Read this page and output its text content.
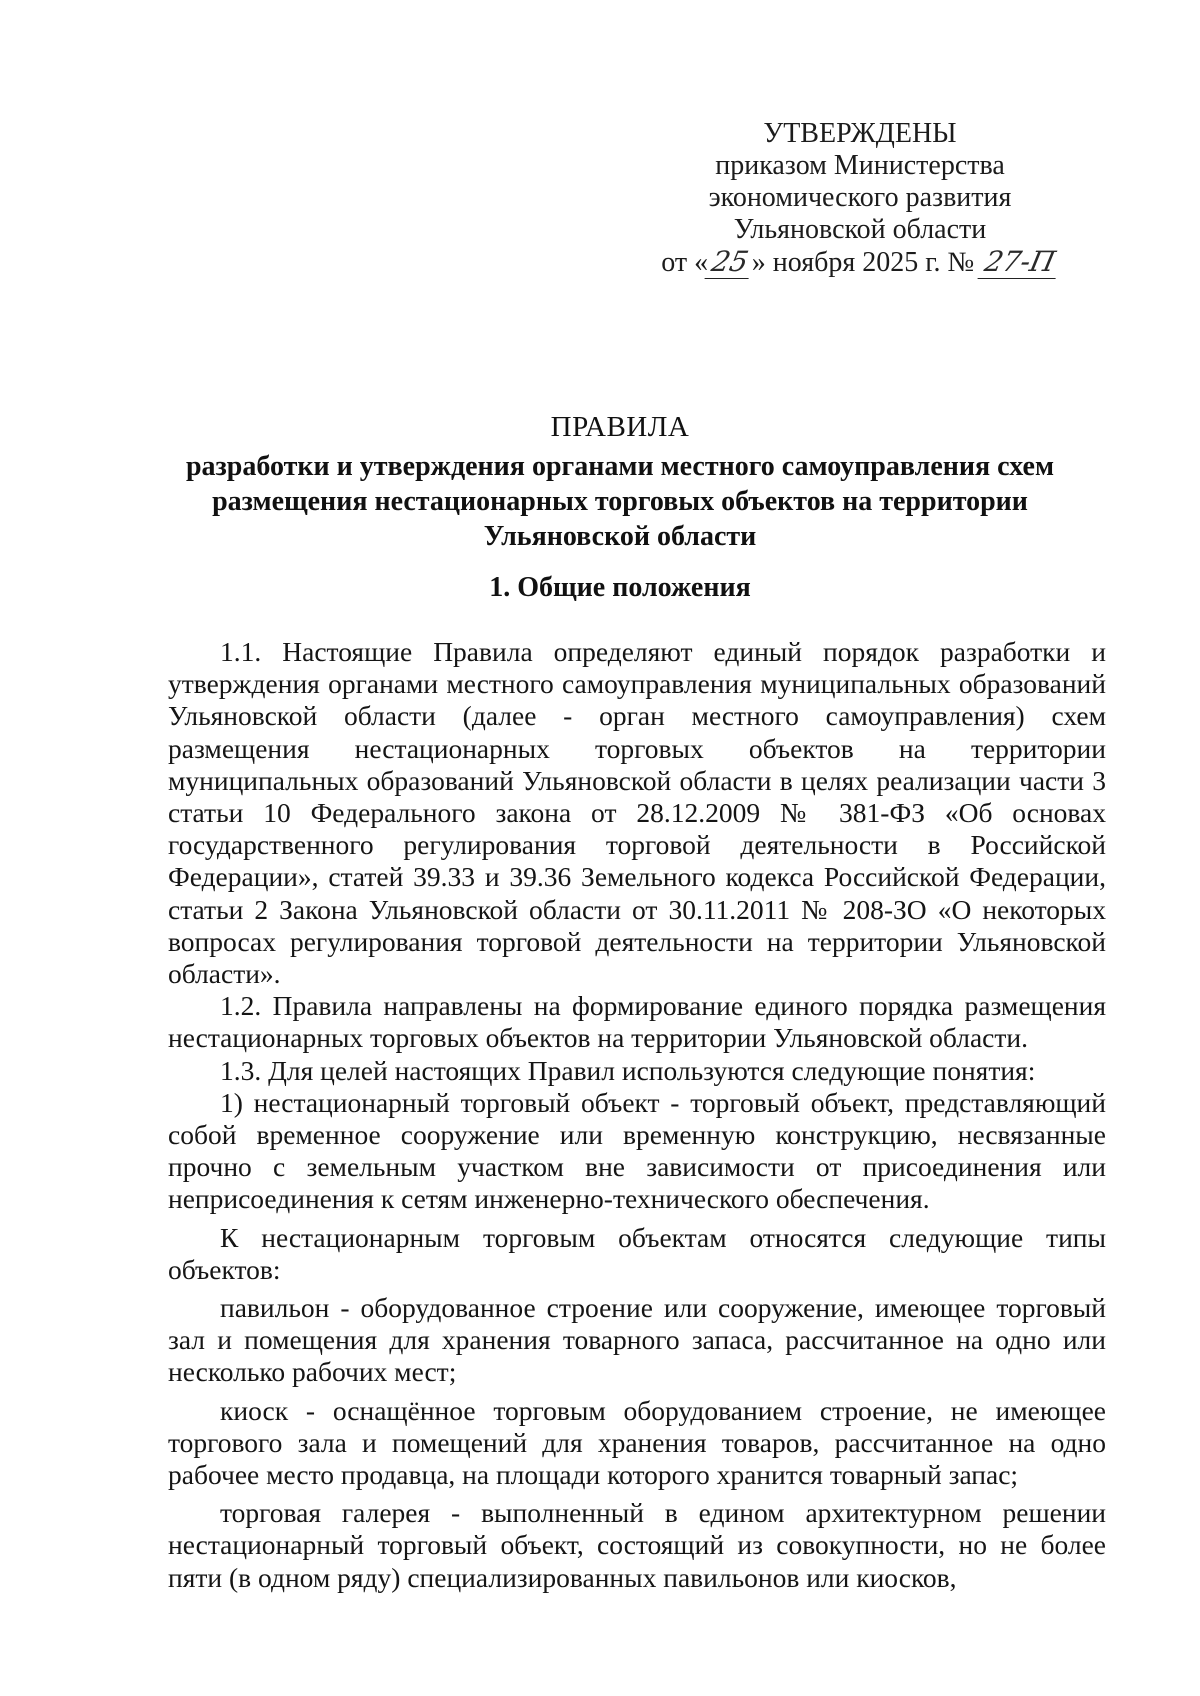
УТВЕРЖДЕНЫ
приказом Министерства
экономического развития
Ульяновской области
от «25» ноября 2025 г. № 27-П
ПРАВИЛА
разработки и утверждения органами местного самоуправления схем
размещения нестационарных торговых объектов на территории
Ульяновской области
1. Общие положения

1.1. Настоящие Правила определяют единый порядок разработки и утверждения органами местного самоуправления муниципальных образований Ульяновской области (далее - орган местного самоуправления) схем размещения нестационарных торговых объектов на территории муниципальных образований Ульяновской области в целях реализации части 3 статьи 10 Федерального закона от 28.12.2009 № 381-ФЗ «Об основах государственного регулирования торговой деятельности в Российской Федерации», статей 39.33 и 39.36 Земельного кодекса Российской Федерации, статьи 2 Закона Ульяновской области от 30.11.2011 № 208-ЗО «О некоторых вопросах регулирования торговой деятельности на территории Ульяновской области».

1.2. Правила направлены на формирование единого порядка размещения нестационарных торговых объектов на территории Ульяновской области.

1.3. Для целей настоящих Правил используются следующие понятия:

1) нестационарный торговый объект - торговый объект, представляющий собой временное сооружение или временную конструкцию, несвязанные прочно с земельным участком вне зависимости от присоединения или неприсоединения к сетям инженерно-технического обеспечения.

К нестационарным торговым объектам относятся следующие типы объектов:

павильон - оборудованное строение или сооружение, имеющее торговый зал и помещения для хранения товарного запаса, рассчитанное на одно или несколько рабочих мест;

киоск - оснащённое торговым оборудованием строение, не имеющее торгового зала и помещений для хранения товаров, рассчитанное на одно рабочее место продавца, на площади которого хранится товарный запас;

торговая галерея - выполненный в едином архитектурном решении нестационарный торговый объект, состоящий из совокупности, но не более пяти (в одном ряду) специализированных павильонов или киосков,
